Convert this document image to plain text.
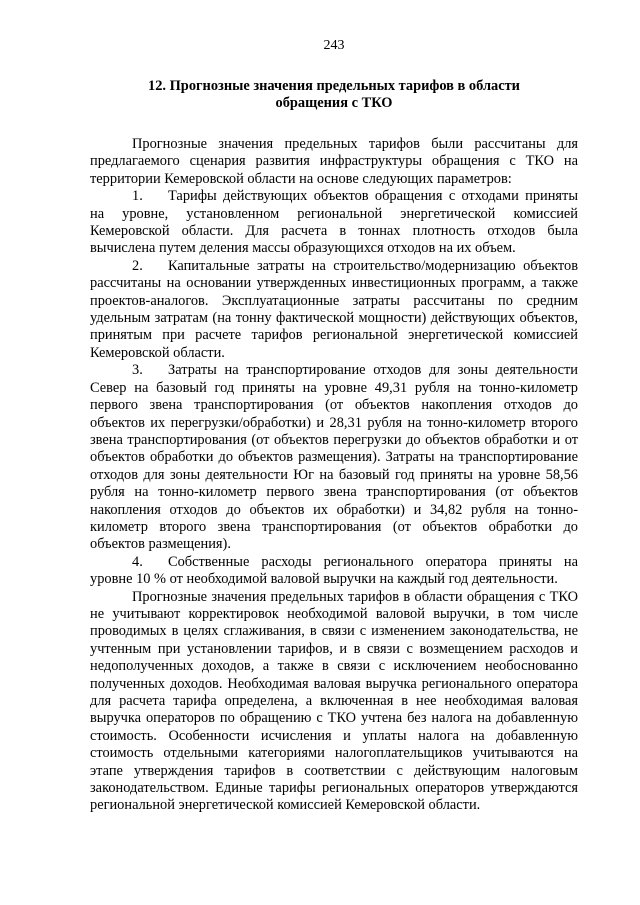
243
12. Прогнозные значения предельных тарифов в области
обращения с ТКО

Прогнозные значения предельных тарифов были рассчитаны для предлагаемого сценария развития инфраструктуры обращения с ТКО на территории Кемеровской области на основе следующих параметров:

1. Тарифы действующих объектов обращения с отходами приняты на уровне, установленном региональной энергетической комиссией Кемеровской области. Для расчета в тоннах плотность отходов была вычислена путем деления массы образующихся отходов на их объем.
2. Капитальные затраты на строительство/модернизацию объектов рассчитаны на основании утвержденных инвестиционных программ, а также проектов-аналогов. Эксплуатационные затраты рассчитаны по средним удельным затратам (на тонну фактической мощности) действующих объектов, принятым при расчете тарифов региональной энергетической комиссией Кемеровской области.
3. Затраты на транспортирование отходов для зоны деятельности Север на базовый год приняты на уровне 49,31 рубля на тонно-километр первого звена транспортирования (от объектов накопления отходов до объектов их перегрузки/обработки) и 28,31 рубля на тонно-километр второго звена транспортирования (от объектов перегрузки до объектов обработки и от объектов обработки до объектов размещения). Затраты на транспортирование отходов для зоны деятельности Юг на базовый год приняты на уровне 58,56 рубля на тонно-километр первого звена транспортирования (от объектов накопления отходов до объектов их обработки) и 34,82 рубля на тонно-километр второго звена транспортирования (от объектов обработки до объектов размещения).
4. Собственные расходы регионального оператора приняты на уровне 10 % от необходимой валовой выручки на каждый год деятельности.

Прогнозные значения предельных тарифов в области обращения с ТКО не учитывают корректировок необходимой валовой выручки, в том числе проводимых в целях сглаживания, в связи с изменением законодательства, не учтенным при установлении тарифов, и в связи с возмещением расходов и недополученных доходов, а также в связи с исключением необоснованно полученных доходов. Необходимая валовая выручка регионального оператора для расчета тарифа определена, а включенная в нее необходимая валовая выручка операторов по обращению с ТКО учтена без налога на добавленную стоимость. Особенности исчисления и уплаты налога на добавленную стоимость отдельными категориями налогоплательщиков учитываются на этапе утверждения тарифов в соответствии с действующим налоговым законодательством. Единые тарифы региональных операторов утверждаются региональной энергетической комиссией Кемеровской области.
